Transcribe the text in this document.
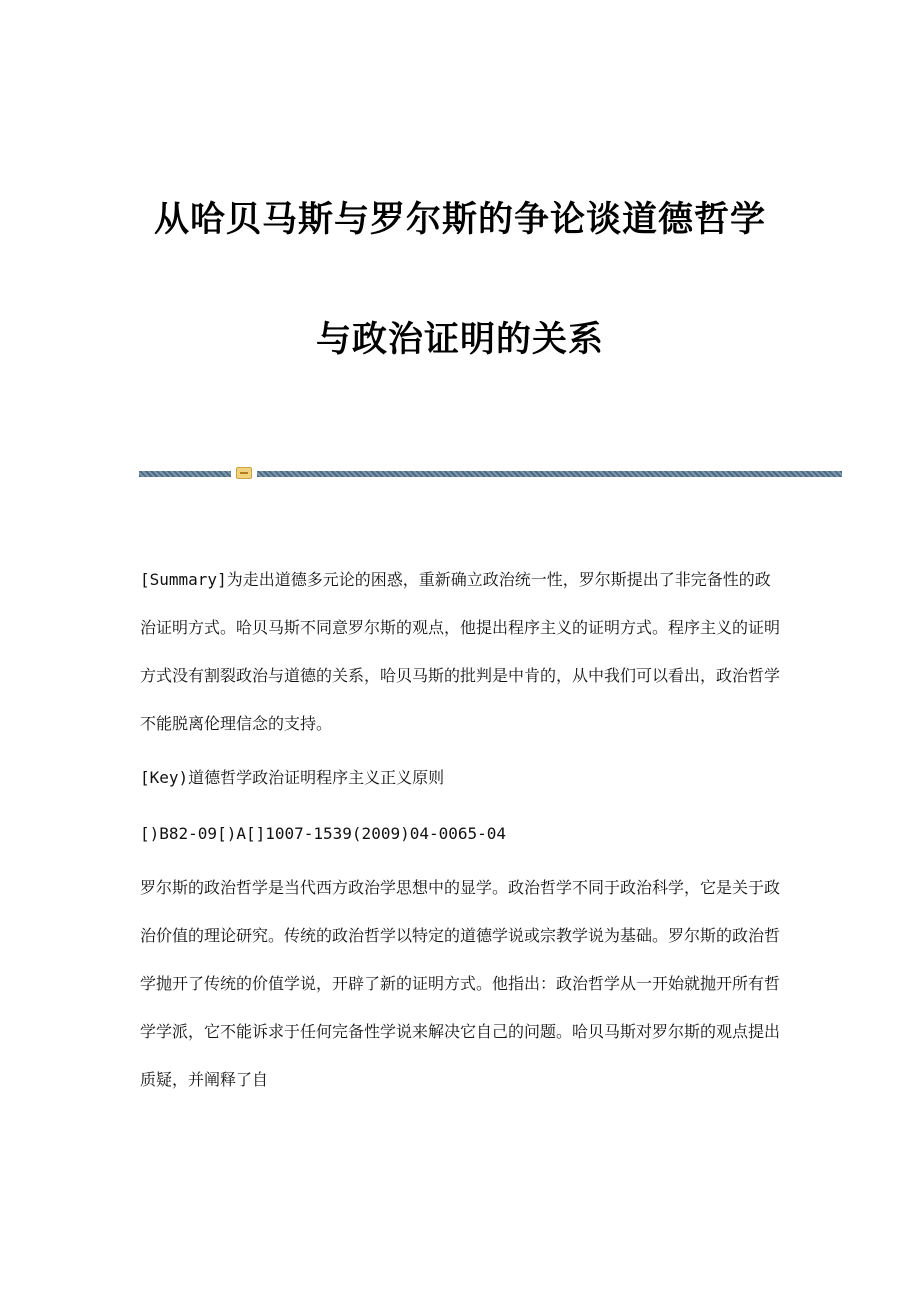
从哈贝马斯与罗尔斯的争论谈道德哲学
与政治证明的关系

[Summary]为走出道德多元论的困惑，重新确立政治统一性，罗尔斯提出了非完备性的政治证明方式。哈贝马斯不同意罗尔斯的观点，他提出程序主义的证明方式。程序主义的证明方式没有割裂政治与道德的关系，哈贝马斯的批判是中肯的，从中我们可以看出，政治哲学不能脱离伦理信念的支持。

[Key)道德哲学政治证明程序主义正义原则

[)B82-09[)A[]1007-1539(2009)04-0065-04

罗尔斯的政治哲学是当代西方政治学思想中的显学。政治哲学不同于政治科学，它是关于政治价值的理论研究。传统的政治哲学以特定的道德学说或宗教学说为基础。罗尔斯的政治哲学抛开了传统的价值学说，开辟了新的证明方式。他指出：政治哲学从一开始就抛开所有哲学学派，它不能诉求于任何完备性学说来解决它自己的问题。哈贝马斯对罗尔斯的观点提出质疑，并阐释了自
